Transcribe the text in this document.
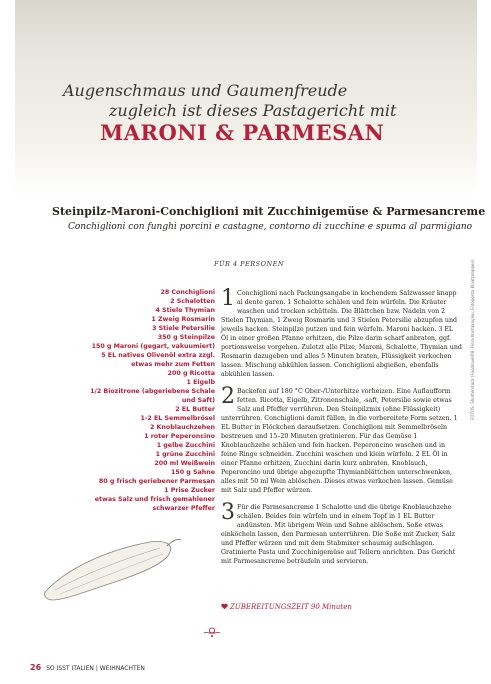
Augenschmaus und Gaumenfreude
zugleich ist dieses Pastagericht mit
MARONI & PARMESAN
Steinpilz-Maroni-Conchiglioni mit Zucchinigemüse & Parmesancreme
Conchiglioni con funghi porcini e castagne, contorno di zucchine e spuma al parmigiano
FÜR 4 PERSONEN
28 Conchiglioni
2 Schalotten
4 Stiele Thymian
1 Zweig Rosmarin
3 Stiele Petersilie
350 g Steinpilze
150 g Maroni (gegart, vakuumiert)
5 EL natives Olivenöl extra zzgl.
etwas mehr zum Fetten
200 g Ricotta
1 Eigelb
1/2 Biozitrone (abgeriebene Schale
und Saft)
2 EL Butter
1-2 EL Semmelbrösel
2 Knoblauchzehen
1 roter Peperoncino
1 gelbe Zucchini
1 grüne Zucchini
200 ml Weißwein
150 g Sahne
80 g frisch geriebener Parmesan
1 Prise Zucker
etwas Salz und frisch gemahlener
schwarzer Pfeffer
1 Conchiglioni nach Packungsangabe in kochendem Salzwasser knapp al dente garen. 1 Schalotte schälen und fein würfeln. Die Kräuter waschen und trocken schütteln. Die Blättchen bzw. Nadeln von 2 Stielen Thymian, 1 Zweig Rosmarin und 3 Stielen Petersilie abzupfen und jeweils hacken. Steinpilze putzen und fein würfeln. Maroni hacken. 3 EL Öl in einer großen Pfanne erhitzen, die Pilze darin scharf anbraten, ggf. portionsweise vorgehen. Zuletzt alle Pilze, Maroni, Schalotte, Thymian und Rosmarin dazugeben und alles 5 Minuten braten, Flüssigkeit verkochen lassen. Mischung abkühlen lassen. Conchiglioni abgießen, ebenfalls abkühlen lassen.
2 Backofen auf 180 °C Ober-/Unterhitze vorheizen. Eine Auflaufform fetten. Ricotta, Eigelb, Zitronenschale, -saft, Petersilie sowie etwas Salz und Pfeffer verrühren. Den Steinpilzmix (ohne Flüssigkeit) unterrühren. Conchiglioni damit füllen, in die vorbereitete Form setzen. 1 EL Butter in Flöckchen daraufsetzen. Conchiglioni mit Semmelbröseln bestreuen und 15–20 Minuten gratinieren. Für das Gemüse 1 Knoblauchzehe schälen und fein hacken. Peperoncino waschen und in feine Ringe schneiden. Zucchini waschen und klein würfeln. 2 EL Öl in einer Pfanne erhitzen, Zucchini darin kurz anbraten. Knoblauch, Peperoncino und übrige abgezupfte Thymianblättchen unterschwenken, alles mit 50 ml Wein ablöschen. Dieses etwas verkochen lassen. Gemüse mit Salz und Pfeffer würzen.
3 Für die Parmesancreme 1 Schalotte und die übrige Knoblauchzehe schälen. Beides fein würfeln und in einem Topf in 1 EL Butter andünsten. Mit übrigem Wein und Sahne ablöschen. Soße etwas einköcheln lassen, den Parmesan unterrühren. Die Soße mit Zucker, Salz und Pfeffer würzen und mit dem Stabmixer schaumig aufschlagen. Gratinierte Pasta und Zucchinigemüse auf Tellern anrichten. Das Gericht mit Parmesancreme beträufeln und servieren.
ZUBEREITUNGSZEIT 90 Minuten
26 SO ISST ITALIEN | WEIHNACHTEN
FOTOS: Shutterstock (Foodlover69, Flora Kontakoglou, Fotopenta Kloatzdoppen)
